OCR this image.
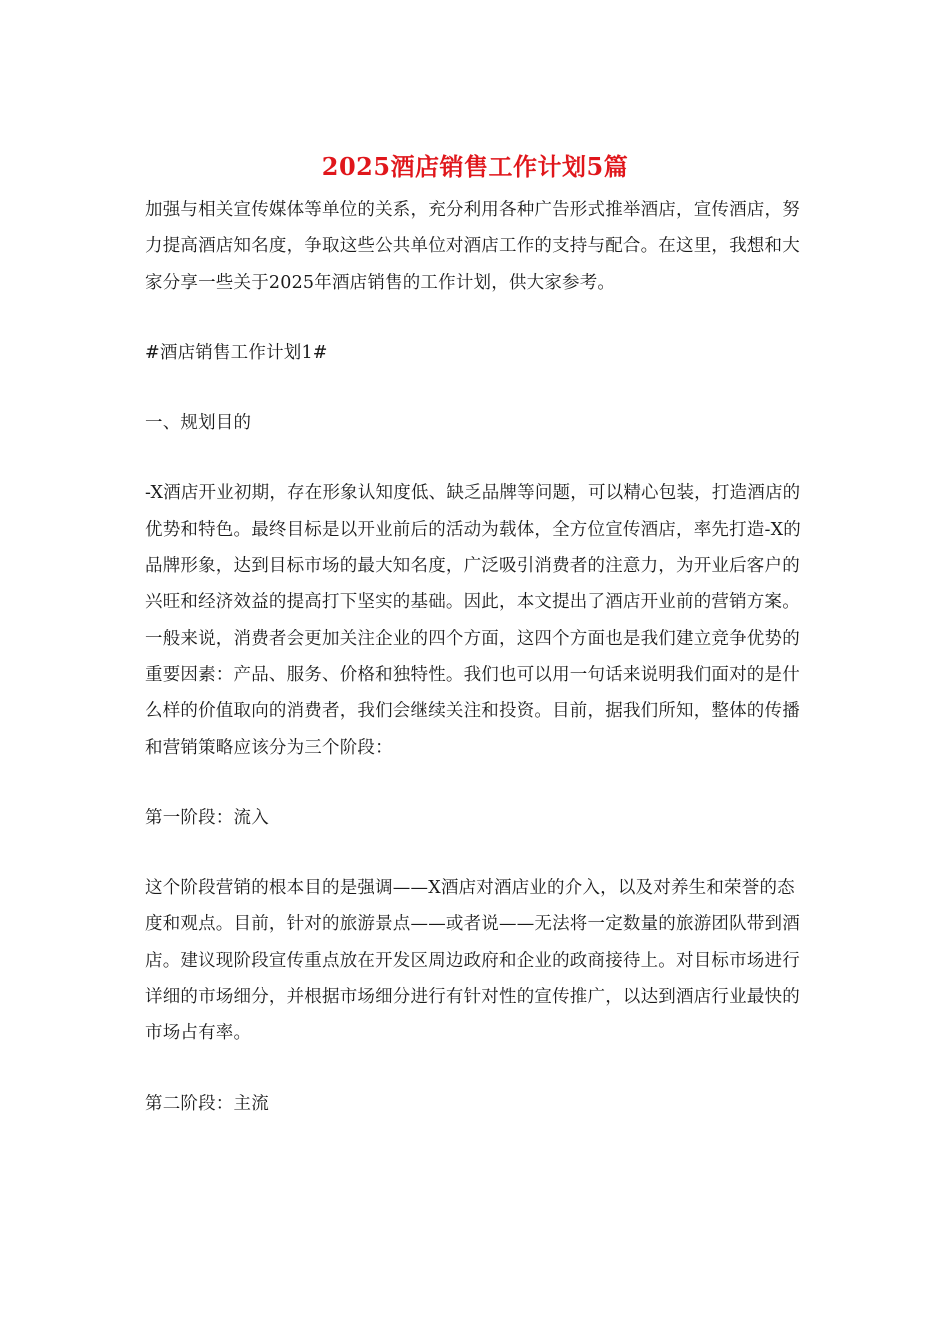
2025酒店销售工作计划5篇

加强与相关宣传媒体等单位的关系，充分利用各种广告形式推举酒店，宣传酒店，努力提高酒店知名度，争取这些公共单位对酒店工作的支持与配合。在这里，我想和大家分享一些关于2025年酒店销售的工作计划，供大家参考。

#酒店销售工作计划1#

一、规划目的

-X酒店开业初期，存在形象认知度低、缺乏品牌等问题，可以精心包装，打造酒店的优势和特色。最终目标是以开业前后的活动为载体，全方位宣传酒店，率先打造-X的品牌形象，达到目标市场的最大知名度，广泛吸引消费者的注意力，为开业后客户的兴旺和经济效益的提高打下坚实的基础。因此，本文提出了酒店开业前的营销方案。一般来说，消费者会更加关注企业的四个方面，这四个方面也是我们建立竞争优势的重要因素：产品、服务、价格和独特性。我们也可以用一句话来说明我们面对的是什么样的价值取向的消费者，我们会继续关注和投资。目前，据我们所知，整体的传播和营销策略应该分为三个阶段：

第一阶段：流入

这个阶段营销的根本目的是强调——X酒店对酒店业的介入，以及对养生和荣誉的态度和观点。目前，针对的旅游景点——或者说——无法将一定数量的旅游团队带到酒店。建议现阶段宣传重点放在开发区周边政府和企业的政商接待上。对目标市场进行详细的市场细分，并根据市场细分进行有针对性的宣传推广，以达到酒店行业最快的市场占有率。

第二阶段：主流
